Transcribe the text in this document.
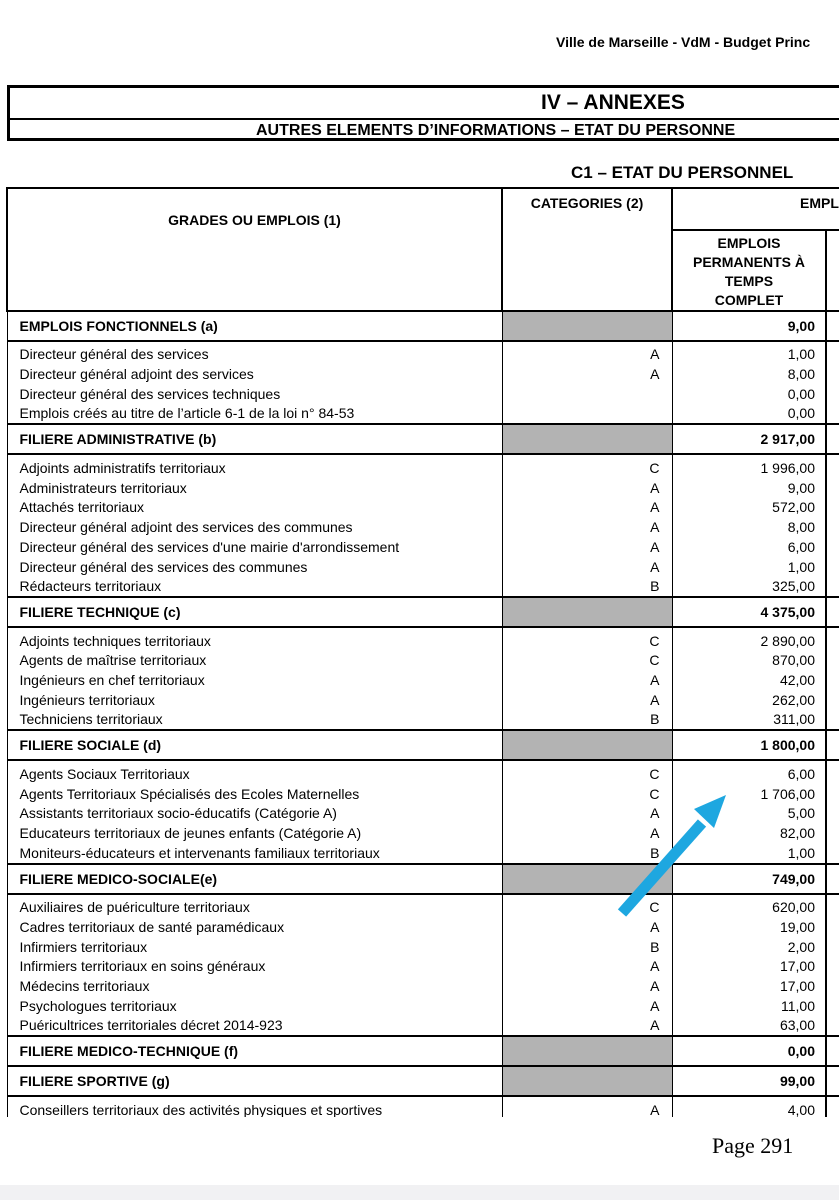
Ville de Marseille - VdM - Budget Princ
IV – ANNEXES
AUTRES ELEMENTS D’INFORMATIONS – ETAT DU PERSONNE
C1 – ETAT DU PERSONNEL
GRADES OU EMPLOIS (1)	CATEGORIES (2)	EMPL	

		EMPLOIS
PERMANENTS À
TEMPS
COMPLET	

EMPLOIS FONCTIONNELS (a)		9,00	

Directeur général des services	A	1,00	
Directeur général adjoint des services	A	8,00	
Directeur général des services techniques		0,00	
Emplois créés au titre de l’article 6-1 de la loi n° 84-53		0,00	
FILIERE ADMINISTRATIVE (b)		2 917,00	

Adjoints administratifs territoriaux	C	1 996,00	
Administrateurs territoriaux	A	9,00	
Attachés territoriaux	A	572,00	
Directeur général adjoint des services des communes	A	8,00	
Directeur général des services d'une mairie d'arrondissement	A	6,00	
Directeur général des services des communes	A	1,00	
Rédacteurs territoriaux	B	325,00	
FILIERE TECHNIQUE (c)		4 375,00	

Adjoints techniques territoriaux	C	2 890,00	
Agents de maîtrise territoriaux	C	870,00	
Ingénieurs en chef territoriaux	A	42,00	
Ingénieurs territoriaux	A	262,00	
Techniciens territoriaux	B	311,00	
FILIERE SOCIALE (d)		1 800,00	

Agents Sociaux Territoriaux	C	6,00	
Agents Territoriaux Spécialisés des Ecoles Maternelles	C	1 706,00	
Assistants territoriaux socio-éducatifs (Catégorie A)	A	5,00	
Educateurs territoriaux de jeunes enfants (Catégorie A)	A	82,00	
Moniteurs-éducateurs et intervenants familiaux territoriaux	B	1,00	
FILIERE MEDICO-SOCIALE(e)		749,00	

Auxiliaires de puériculture territoriaux	C	620,00	
Cadres territoriaux de santé paramédicaux	A	19,00	
Infirmiers territoriaux	B	2,00	
Infirmiers territoriaux en soins généraux	A	17,00	
Médecins territoriaux	A	17,00	
Psychologues territoriaux	A	11,00	
Puéricultrices territoriales décret 2014-923	A	63,00	
FILIERE MEDICO-TECHNIQUE (f)		0,00	
FILIERE SPORTIVE (g)		99,00	

Conseillers territoriaux des activités physiques et sportives	A	4,00	
Page 291
